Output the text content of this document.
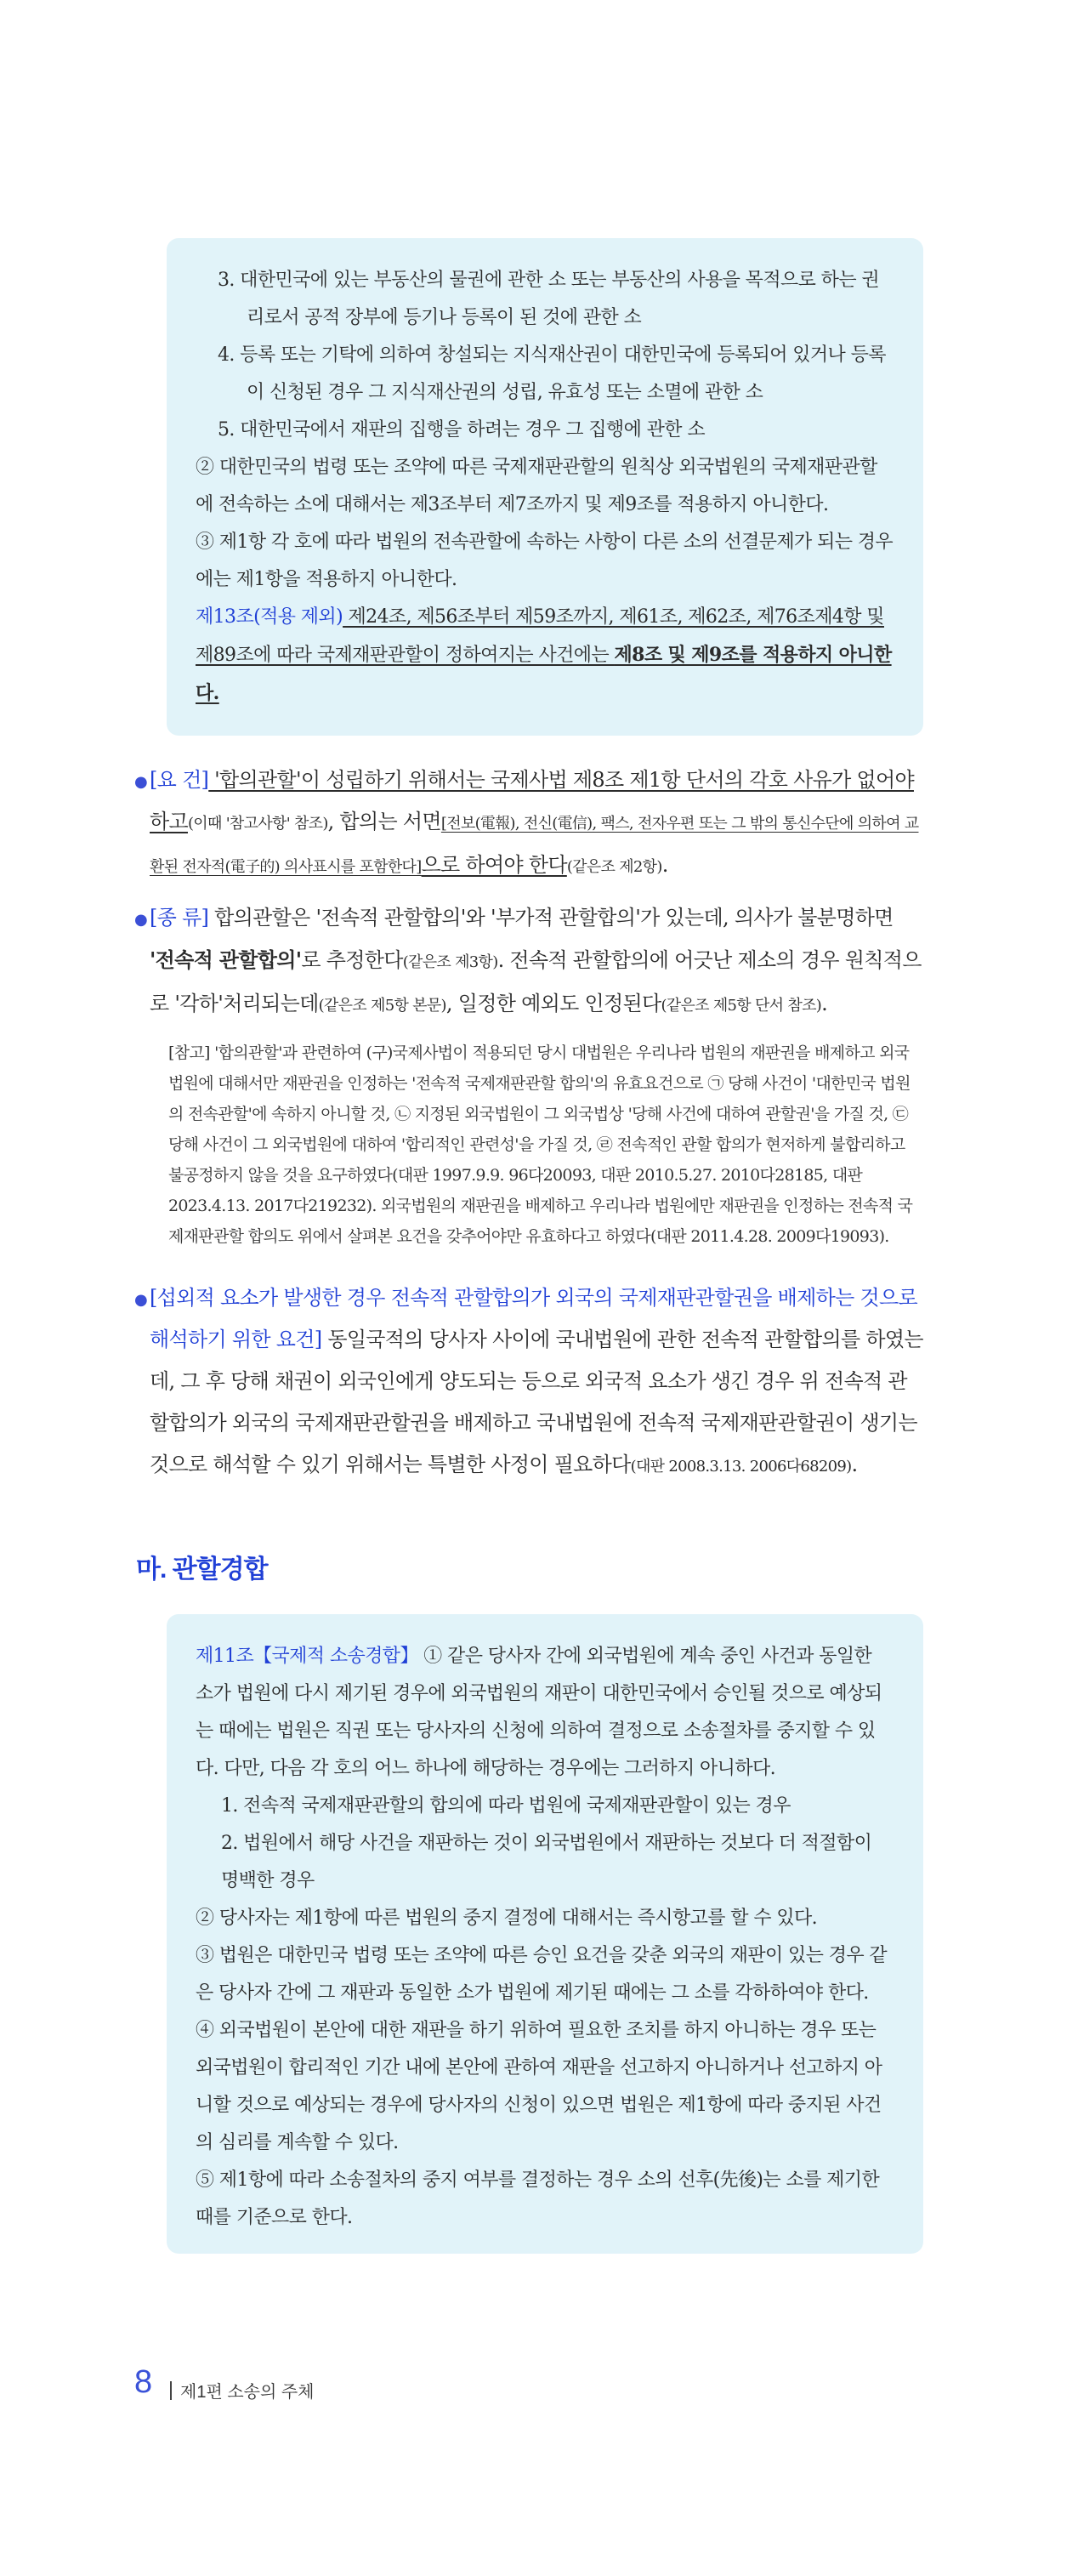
3. 대한민국에 있는 부동산의 물권에 관한 소 또는 부동산의 사용을 목적으로 하는 권리로서 공적 장부에 등기나 등록이 된 것에 관한 소

4. 등록 또는 기탁에 의하여 창설되는 지식재산권이 대한민국에 등록되어 있거나 등록이 신청된 경우 그 지식재산권의 성립, 유효성 또는 소멸에 관한 소

5. 대한민국에서 재판의 집행을 하려는 경우 그 집행에 관한 소

② 대한민국의 법령 또는 조약에 따른 국제재판관할의 원칙상 외국법원의 국제재판관할에 전속하는 소에 대해서는 제3조부터 제7조까지 및 제9조를 적용하지 아니한다.

③ 제1항 각 호에 따라 법원의 전속관할에 속하는 사항이 다른 소의 선결문제가 되는 경우에는 제1항을 적용하지 아니한다.

제13조(적용 제외) 제24조, 제56조부터 제59조까지, 제61조, 제62조, 제76조제4항 및 제89조에 따라 국제재판관할이 정하여지는 사건에는 제8조 및 제9조를 적용하지 아니한다.

● [요 건] '합의관할'이 성립하기 위해서는 국제사법 제8조 제1항 단서의 각호 사유가 없어야 하고(이때 '참고사항' 참조), 합의는 서면[전보(電報), 전신(電信), 팩스, 전자우편 또는 그 밖의 통신수단에 의하여 교환된 전자적(電子的) 의사표시를 포함한다]으로 하여야 한다(같은조 제2항).

● [종 류] 합의관할은 '전속적 관할합의'와 '부가적 관할합의'가 있는데, 의사가 불분명하면 '전속적 관할합의'로 추정한다(같은조 제3항). 전속적 관할합의에 어긋난 제소의 경우 원칙적으로 '각하'처리되는데(같은조 제5항 본문), 일정한 예외도 인정된다(같은조 제5항 단서 참조).

[참고] '합의관할'과 관련하여 (구)국제사법이 적용되던 당시 대법원은 우리나라 법원의 재판권을 배제하고 외국법원에 대해서만 재판권을 인정하는 '전속적 국제재판관할 합의'의 유효요건으로 ㉠ 당해 사건이 '대한민국 법원의 전속관할'에 속하지 아니할 것, ㉡ 지정된 외국법원이 그 외국법상 '당해 사건에 대하여 관할권'을 가질 것, ㉢ 당해 사건이 그 외국법원에 대하여 '합리적인 관련성'을 가질 것, ㉣ 전속적인 관할 합의가 현저하게 불합리하고 불공정하지 않을 것을 요구하였다(대판 1997.9.9. 96다20093, 대판 2010.5.27. 2010다28185, 대판 2023.4.13. 2017다219232). 외국법원의 재판권을 배제하고 우리나라 법원에만 재판권을 인정하는 전속적 국제재판관할 합의도 위에서 살펴본 요건을 갖추어야만 유효하다고 하였다(대판 2011.4.28. 2009다19093).

● [섭외적 요소가 발생한 경우 전속적 관할합의가 외국의 국제재판관할권을 배제하는 것으로 해석하기 위한 요건] 동일국적의 당사자 사이에 국내법원에 관한 전속적 관할합의를 하였는데, 그 후 당해 채권이 외국인에게 양도되는 등으로 외국적 요소가 생긴 경우 위 전속적 관할합의가 외국의 국제재판관할권을 배제하고 국내법원에 전속적 국제재판관할권이 생기는 것으로 해석할 수 있기 위해서는 특별한 사정이 필요하다(대판 2008.3.13. 2006다68209).

마. 관할경합

제11조【국제적 소송경합】 ① 같은 당사자 간에 외국법원에 계속 중인 사건과 동일한 소가 법원에 다시 제기된 경우에 외국법원의 재판이 대한민국에서 승인될 것으로 예상되는 때에는 법원은 직권 또는 당사자의 신청에 의하여 결정으로 소송절차를 중지할 수 있다. 다만, 다음 각 호의 어느 하나에 해당하는 경우에는 그러하지 아니하다.

1. 전속적 국제재판관할의 합의에 따라 법원에 국제재판관할이 있는 경우

2. 법원에서 해당 사건을 재판하는 것이 외국법원에서 재판하는 것보다 더 적절함이 명백한 경우

② 당사자는 제1항에 따른 법원의 중지 결정에 대해서는 즉시항고를 할 수 있다.

③ 법원은 대한민국 법령 또는 조약에 따른 승인 요건을 갖춘 외국의 재판이 있는 경우 같은 당사자 간에 그 재판과 동일한 소가 법원에 제기된 때에는 그 소를 각하하여야 한다.

④ 외국법원이 본안에 대한 재판을 하기 위하여 필요한 조치를 하지 아니하는 경우 또는 외국법원이 합리적인 기간 내에 본안에 관하여 재판을 선고하지 아니하거나 선고하지 아니할 것으로 예상되는 경우에 당사자의 신청이 있으면 법원은 제1항에 따라 중지된 사건의 심리를 계속할 수 있다.

⑤ 제1항에 따라 소송절차의 중지 여부를 결정하는 경우 소의 선후(先後)는 소를 제기한 때를 기준으로 한다.

8 제1편 소송의 주체
